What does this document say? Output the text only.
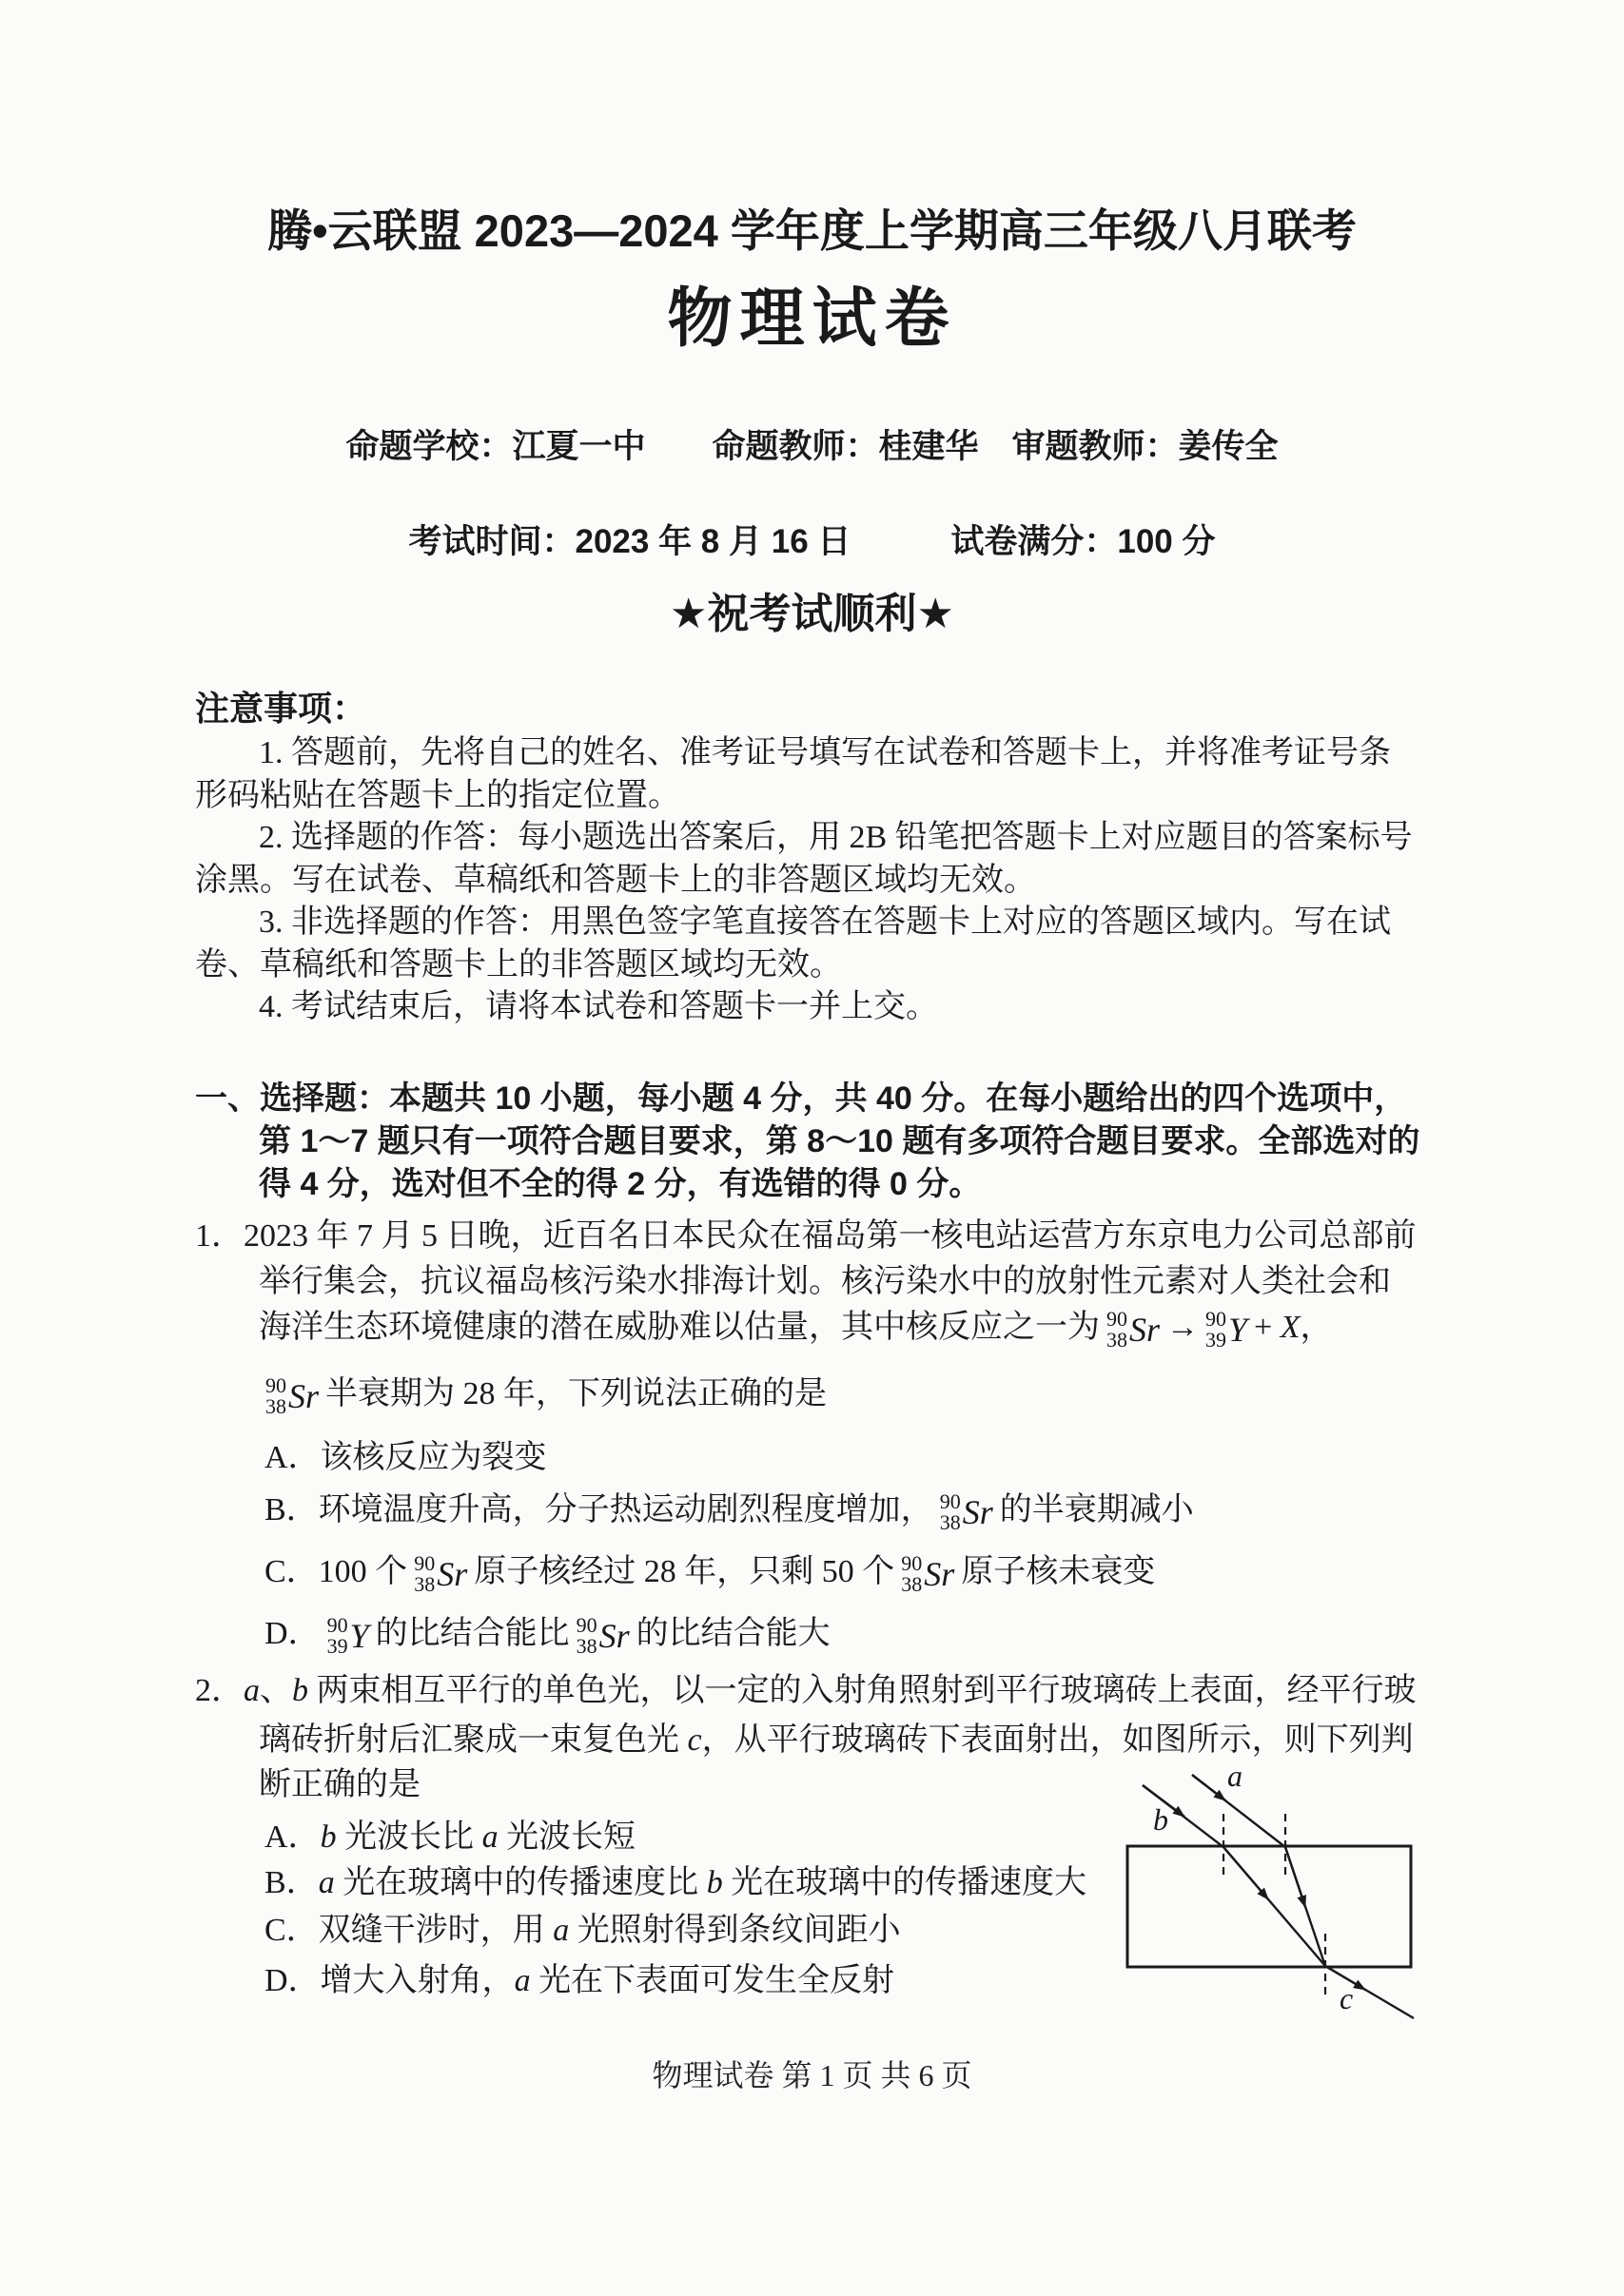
腾•云联盟 2023—2024 学年度上学期高三年级八月联考
物理试卷
命题学校：江夏一中　　命题教师：桂建华　审题教师：姜传全
考试时间：2023 年 8 月 16 日　　　试卷满分：100 分
★祝考试顺利★
注意事项：
1. 答题前，先将自己的姓名、准考证号填写在试卷和答题卡上，并将准考证号条
形码粘贴在答题卡上的指定位置。
2. 选择题的作答：每小题选出答案后，用 2B 铅笔把答题卡上对应题目的答案标号
涂黑。写在试卷、草稿纸和答题卡上的非答题区域均无效。
3. 非选择题的作答：用黑色签字笔直接答在答题卡上对应的答题区域内。写在试
卷、草稿纸和答题卡上的非答题区域均无效。
4. 考试结束后，请将本试卷和答题卡一并上交。
一、选择题：本题共 10 小题，每小题 4 分，共 40 分。在每小题给出的四个选项中，
第 1～7 题只有一项符合题目要求，第 8～10 题有多项符合题目要求。全部选对的
得 4 分，选对但不全的得 2 分，有选错的得 0 分。
1．2023 年 7 月 5 日晚，近百名日本民众在福岛第一核电站运营方东京电力公司总部前
举行集会，抗议福岛核污染水排海计划。核污染水中的放射性元素对人类社会和
海洋生态环境健康的潜在威胁难以估量，其中核反应之一为 90
38 Sr → 90
39 Y + X，
90
38 Sr 半衰期为 28 年，下列说法正确的是
A．该核反应为裂变
B．环境温度升高，分子热运动剧烈程度增加， 90
38 Sr 的半衰期减小
C．100 个 90
38 Sr 原子核经过 28 年，只剩 50 个 90
38 Sr 原子核未衰变
D． 90
39 Y 的比结合能比 90
38 Sr 的比结合能大
2．a、b 两束相互平行的单色光，以一定的入射角照射到平行玻璃砖上表面，经平行玻
璃砖折射后汇聚成一束复色光 c，从平行玻璃砖下表面射出，如图所示，则下列判
断正确的是
A．b 光波长比 a 光波长短
B．a 光在玻璃中的传播速度比 b 光在玻璃中的传播速度大
C．双缝干涉时，用 a 光照射得到条纹间距小
D．增大入射角，a 光在下表面可发生全反射
a
b
c
物理试卷 第 1 页 共 6 页
